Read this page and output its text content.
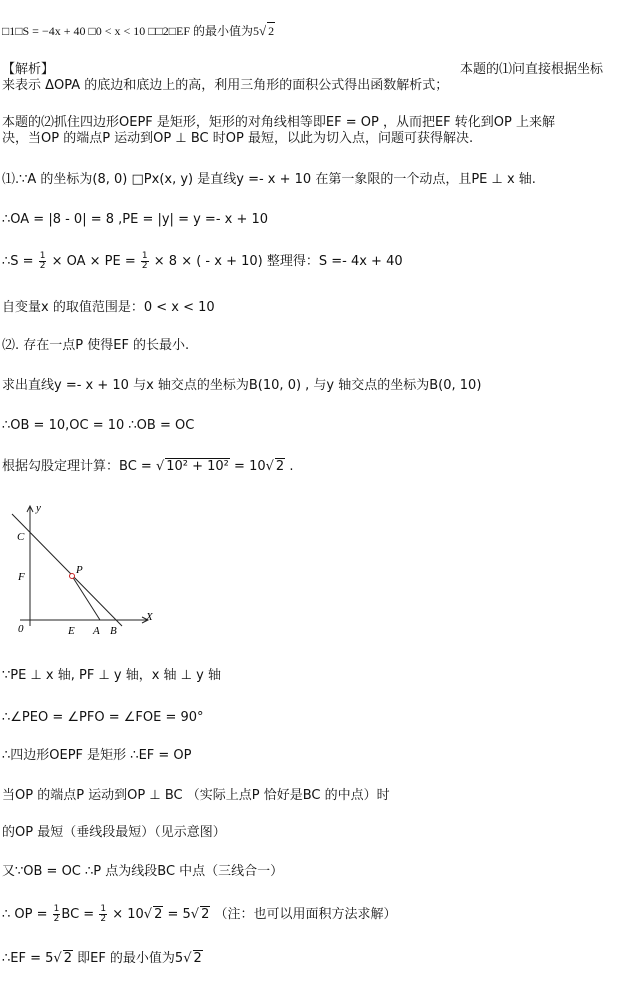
□1□S = −4x + 40 □0 < x < 10 □□2□EF 的最小值为5√ 2
【解析】	本题的⑴问直接根据坐标
来表示 ΔOPA 的底边和底边上的高，利用三角形的面积公式得出函数解析式；
本题的⑵抓住四边形OEPF 是矩形，矩形的对角线相等即EF = OP ，从而把EF 转化到OP 上来解
决，当OP 的端点P 运动到OP ⊥ BC 时OP 最短，以此为切入点，问题可获得解决.
⑴.∵A 的坐标为(8, 0) □Px(x, y) 是直线y =‑ x + 10 在第一象限的一个动点，且PE ⊥ x 轴.
∴OA = |8 ‑ 0| = 8 ,PE = |y| = y =‑ x + 10
∴S = $\frac{1}{2}$ × OA × PE = $\frac{1}{2} \times 8$ × ( ‑ x + 10) 整理得：S =‑ 4x + 40
自变量x 的取值范围是：0 < x < 10
⑵. 存在一点P 使得EF 的长最小.
求出直线y =‑ x + 10 与x 轴交点的坐标为B(10, 0) , 与y 轴交点的坐标为B(0, 10)
∴OB = 10,OC = 10 ∴OB = OC
根据勾股定理计算：BC = √ 10² + 10² = 10√ 2 .
y
X
C
F
P
0	E A B
∵PE ⊥ x 轴, PF ⊥ y 轴，x 轴 ⊥ y 轴
∴∠PEO = ∠PFO = ∠FOE = 90°
∴四边形OEPF 是矩形 ∴EF = OP
当OP 的端点P 运动到OP ⊥ BC （实际上点P 恰好是BC 的中点）时
的OP 最短（垂线段最短）（见示意图）
又∵OB = OC ∴P 点为线段BC 中点（三线合一）
∴ OP = $\frac{1}{2}$ BC = $\frac{1}{2} \times 10√$ 2 = 5√ 2 （注：也可以用面积方法求解）
∴EF = 5√ 2 即EF 的最小值为5√ 2
